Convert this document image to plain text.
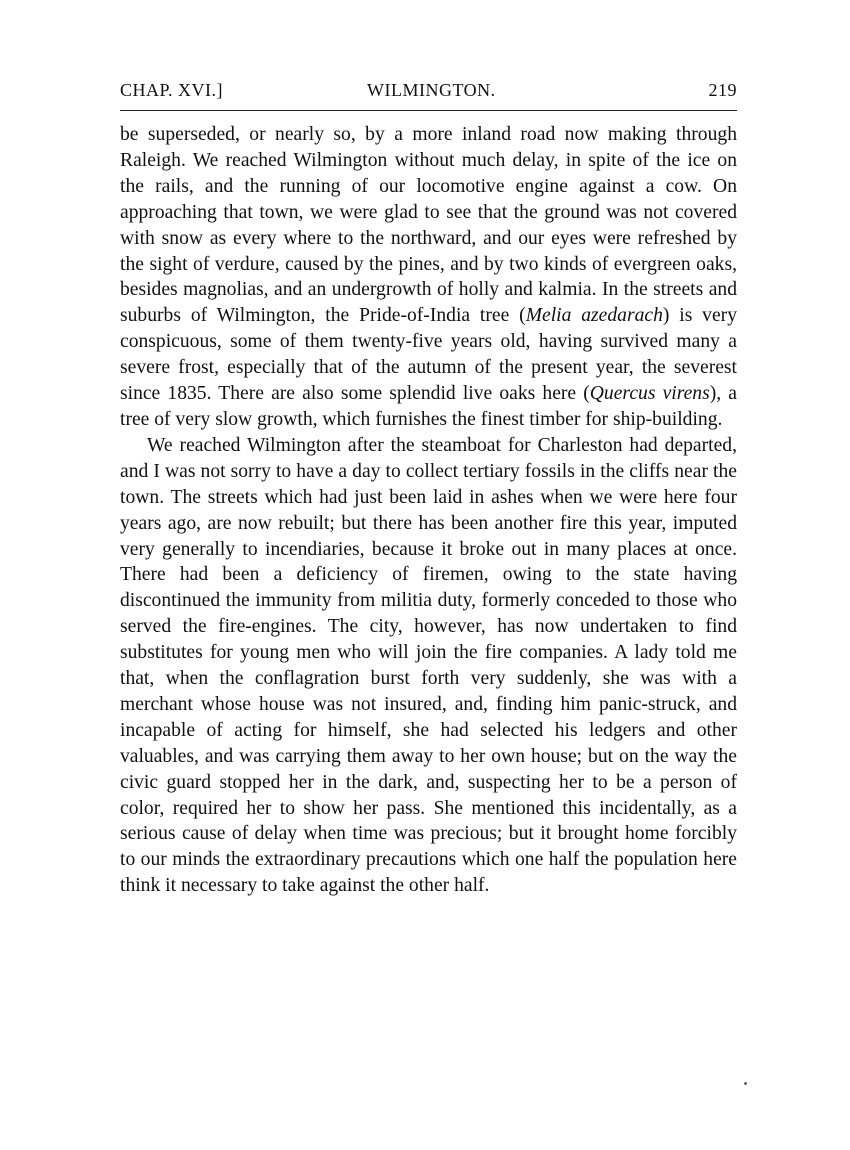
CHAP. XVI.]	WILMINGTON.	219

be superseded, or nearly so, by a more inland road now making through Raleigh. We reached Wilmington without much delay, in spite of the ice on the rails, and the running of our locomotive engine against a cow. On approaching that town, we were glad to see that the ground was not covered with snow as every where to the northward, and our eyes were refreshed by the sight of verdure, caused by the pines, and by two kinds of evergreen oaks, besides magnolias, and an undergrowth of holly and kalmia. In the streets and suburbs of Wilmington, the Pride-of-India tree (Melia azedarach) is very conspicuous, some of them twenty-five years old, having survived many a severe frost, especially that of the autumn of the present year, the severest since 1835. There are also some splendid live oaks here (Quercus virens), a tree of very slow growth, which furnishes the finest timber for ship-building.

We reached Wilmington after the steamboat for Charleston had departed, and I was not sorry to have a day to collect tertiary fossils in the cliffs near the town. The streets which had just been laid in ashes when we were here four years ago, are now rebuilt; but there has been another fire this year, imputed very generally to incendiaries, because it broke out in many places at once. There had been a deficiency of firemen, owing to the state having discontinued the immunity from militia duty, formerly conceded to those who served the fire-engines. The city, however, has now undertaken to find substitutes for young men who will join the fire companies. A lady told me that, when the conflagration burst forth very suddenly, she was with a merchant whose house was not insured, and, finding him panic-struck, and incapable of acting for himself, she had selected his ledgers and other valuables, and was carrying them away to her own house; but on the way the civic guard stopped her in the dark, and, suspecting her to be a person of color, required her to show her pass. She mentioned this incidentally, as a serious cause of delay when time was precious; but it brought home forcibly to our minds the extraordinary precautions which one half the population here think it necessary to take against the other half.
